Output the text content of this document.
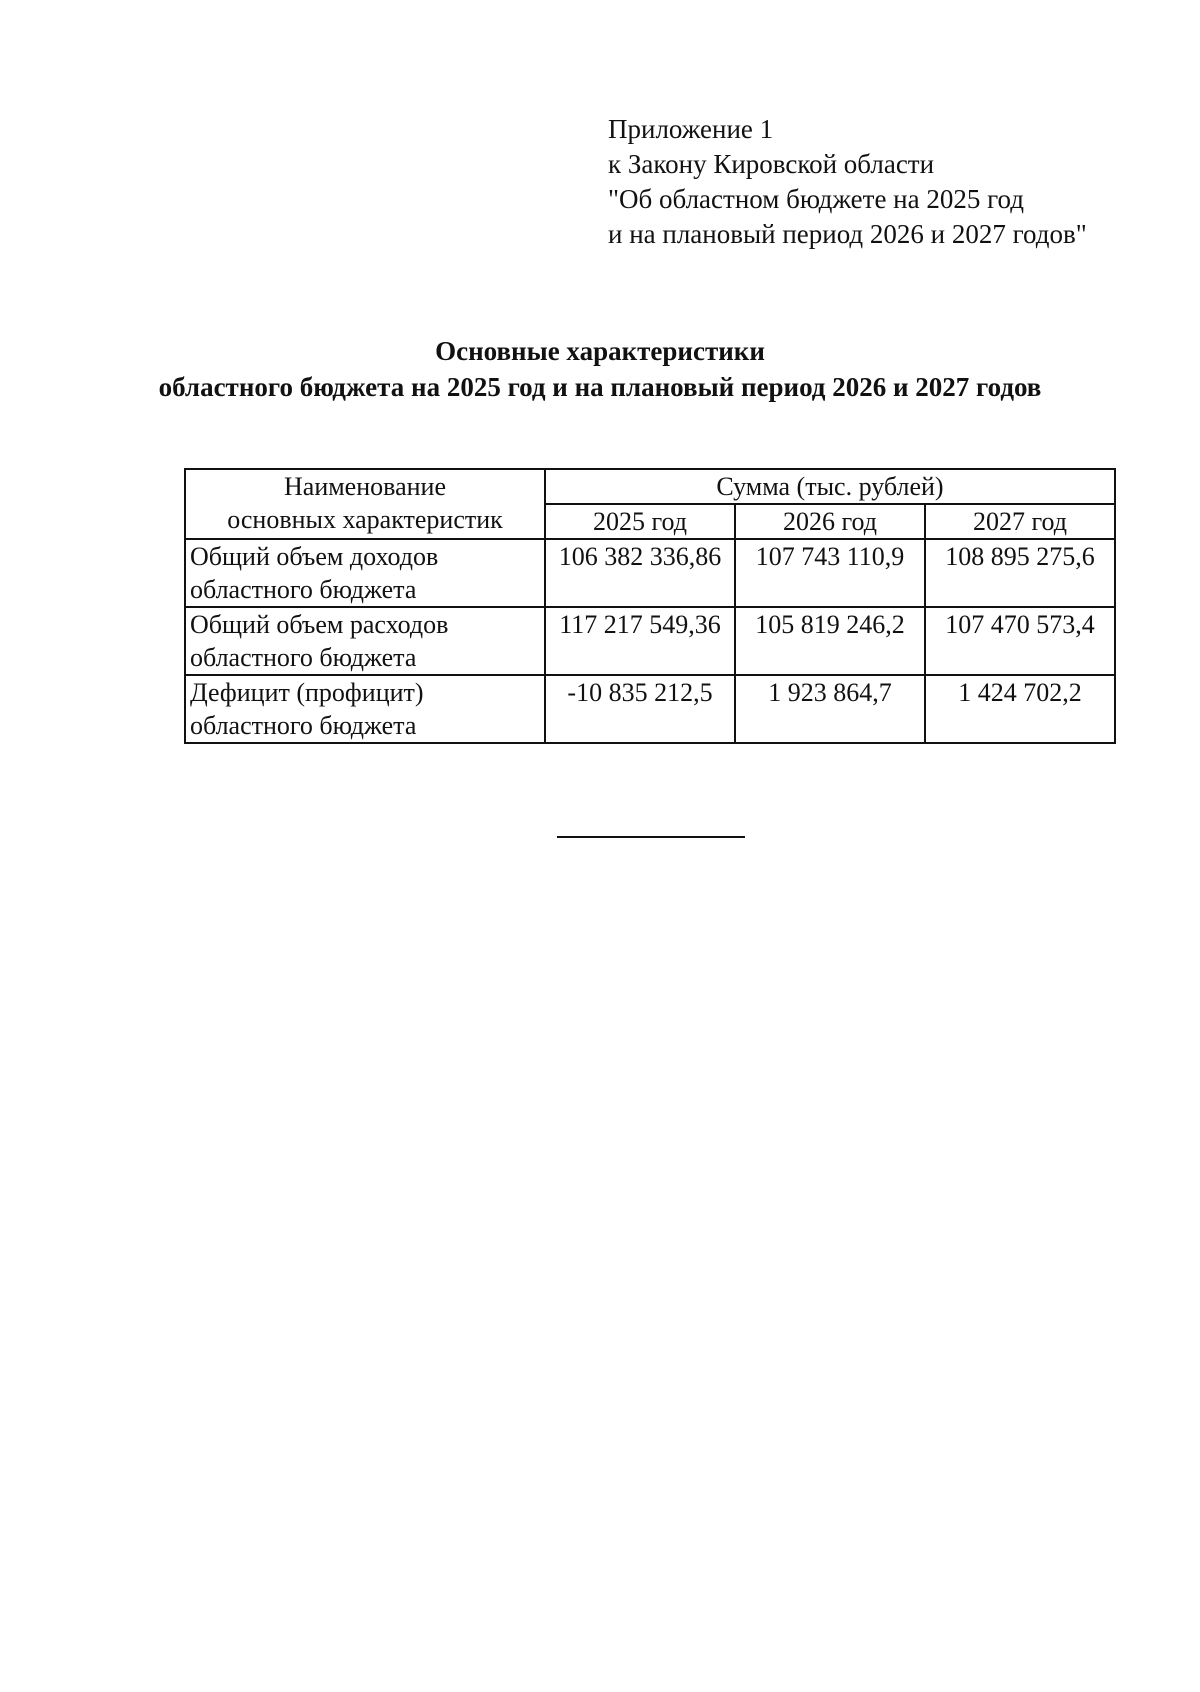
Приложение 1
к Закону Кировской области
"Об областном бюджете на 2025 год
и на плановый период 2026 и 2027 годов"
Основные характеристики
областного бюджета на 2025 год и на плановый период 2026 и 2027 годов
Наименование
основных характеристик	Сумма (тыс. рублей)		
	2025 год	2026 год	2027 год

Общий объем доходов
областного бюджета	106 382 336,86	107 743 110,9	108 895 275,6

Общий объем расходов
областного бюджета	117 217 549,36	105 819 246,2	107 470 573,4

Дефицит (профицит)
областного бюджета	-10 835 212,5	1 923 864,7	1 424 702,2
